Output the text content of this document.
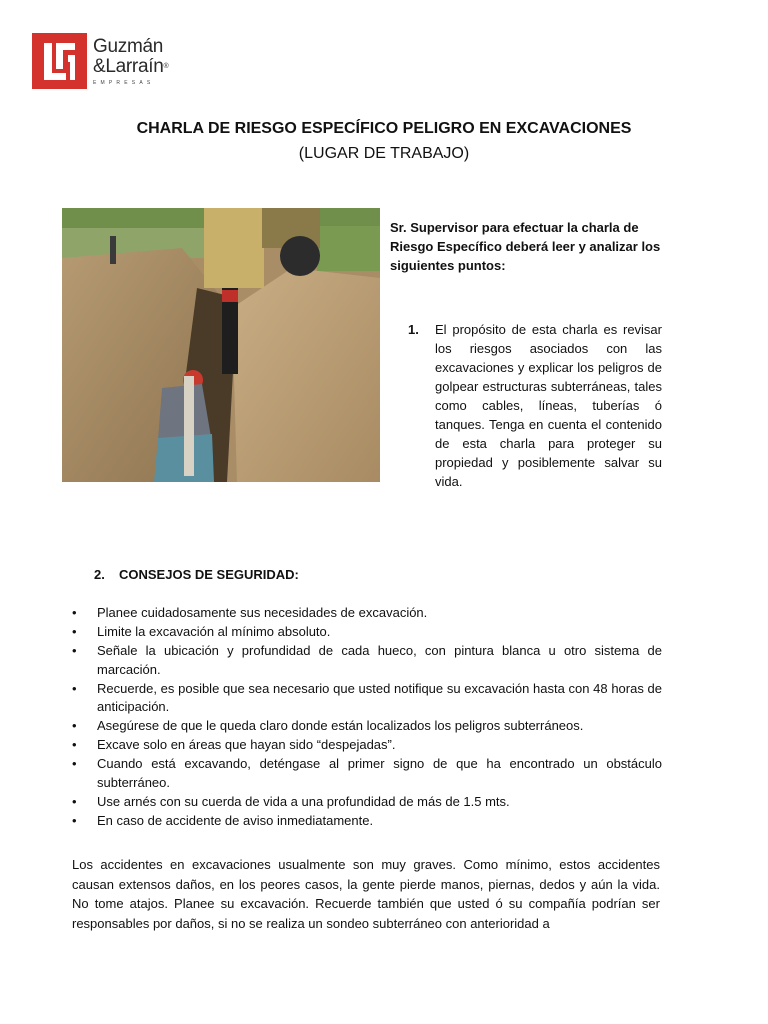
Guzmán
&Larraín®
EMPRESAS
CHARLA DE RIESGO ESPECÍFICO PELIGRO EN EXCAVACIONES
(LUGAR DE TRABAJO)
Sr. Supervisor para efectuar la charla de Riesgo Específico deberá leer y analizar los siguientes puntos:
1. El propósito de esta charla es revisar los riesgos asociados con las excavaciones y explicar los peligros de golpear estructuras subterráneas, tales como cables, líneas, tuberías ó tanques. Tenga en cuenta el contenido de esta charla para proteger su propiedad y posiblemente salvar su vida.
2. CONSEJOS DE SEGURIDAD:
• Planee cuidadosamente sus necesidades de excavación.
• Limite la excavación al mínimo absoluto.
• Señale la ubicación y profundidad de cada hueco, con pintura blanca u otro sistema de marcación.
• Recuerde, es posible que sea necesario que usted notifique su excavación hasta con 48 horas de anticipación.
• Asegúrese de que le queda claro donde están localizados los peligros subterráneos.
• Excave solo en áreas que hayan sido “despejadas”.
• Cuando está excavando, deténgase al primer signo de que ha encontrado un obstáculo subterráneo.
• Use arnés con su cuerda de vida a una profundidad de más de 1.5 mts.
• En caso de accidente de aviso inmediatamente.
Los accidentes en excavaciones usualmente son muy graves. Como mínimo, estos accidentes causan extensos daños, en los peores casos, la gente pierde manos, piernas, dedos y aún la vida. No tome atajos. Planee su excavación. Recuerde también que usted ó su compañía podrían ser responsables por daños, si no se realiza un sondeo subterráneo con anterioridad a
